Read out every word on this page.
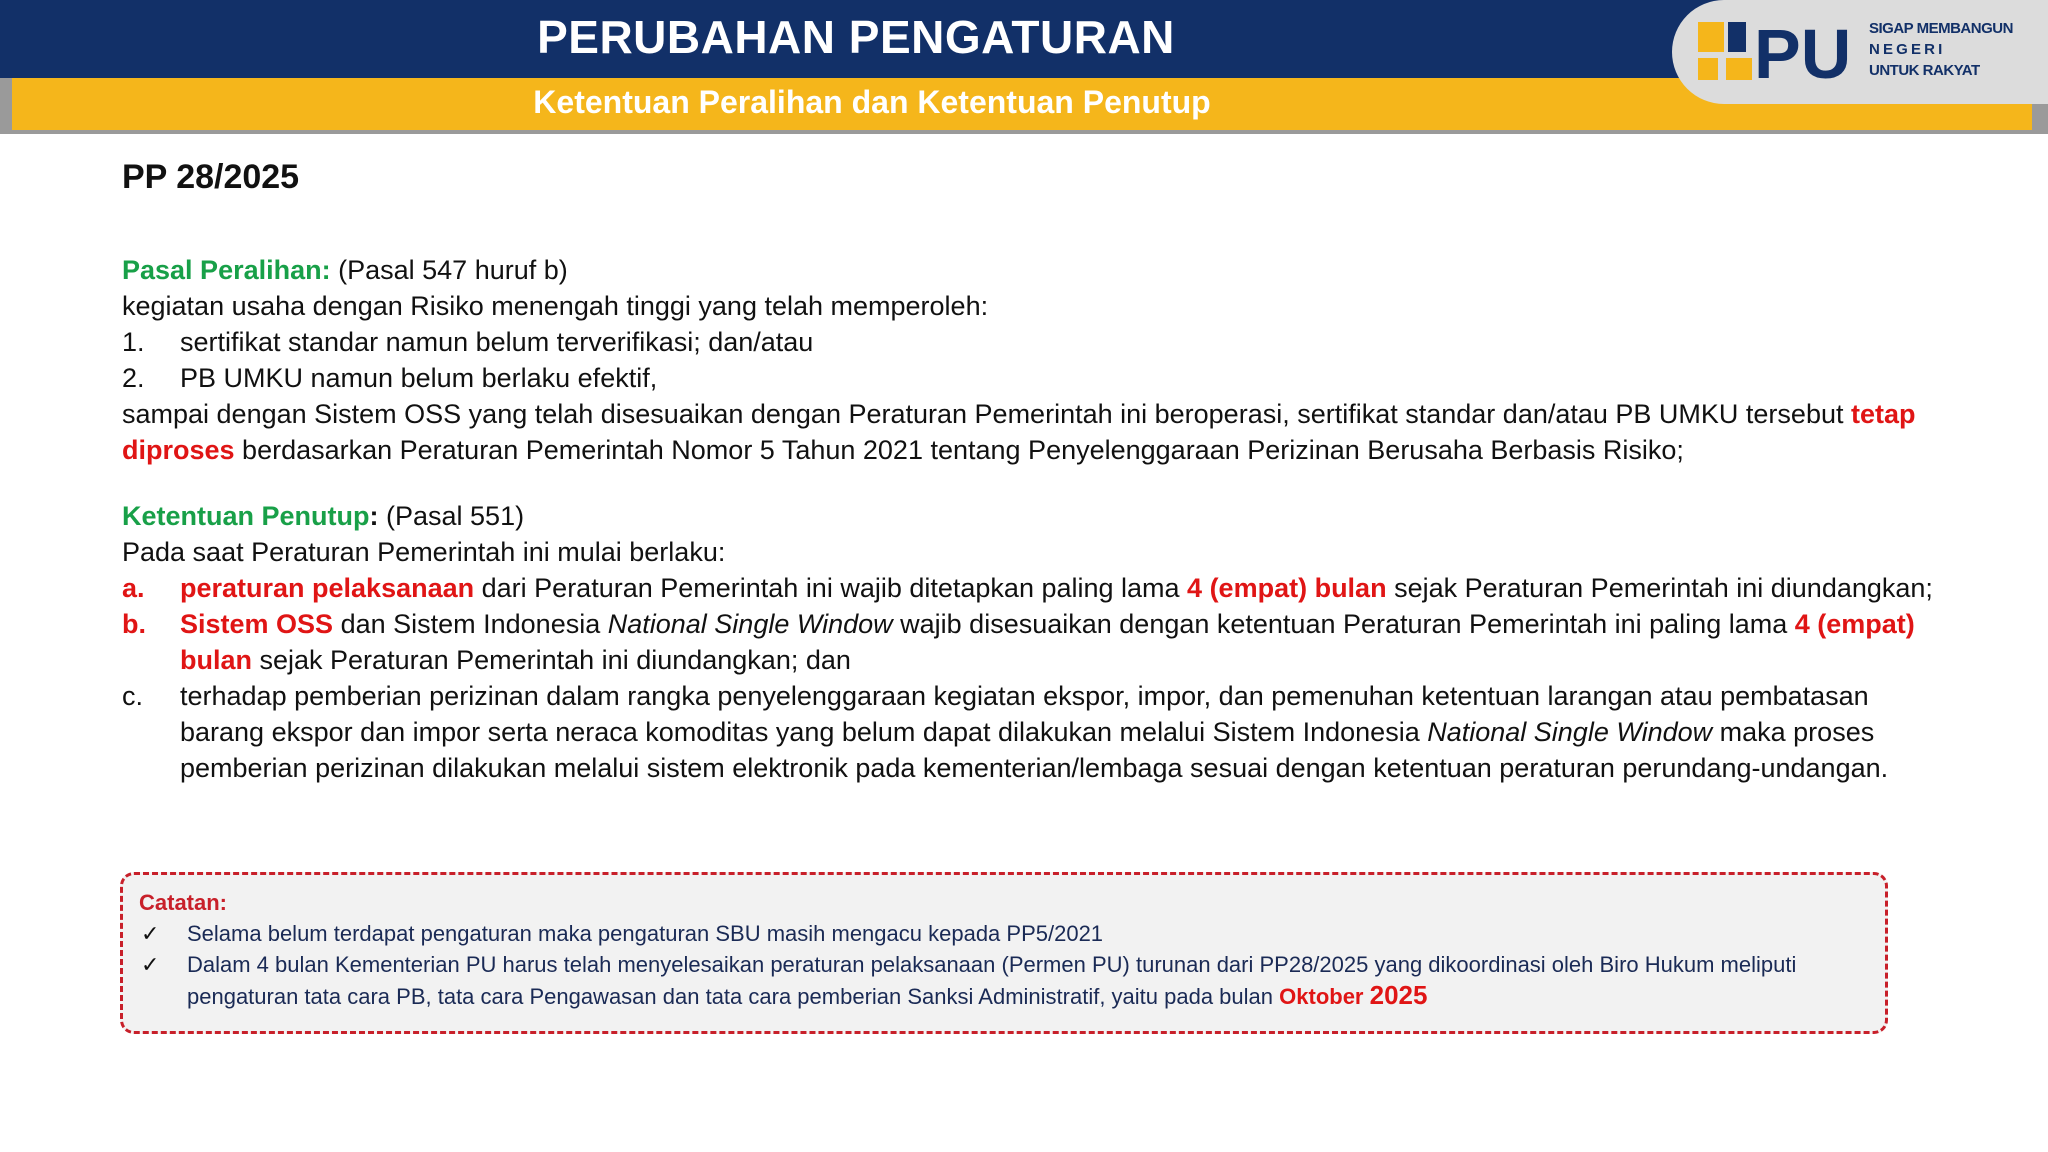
PERUBAHAN PENGATURAN
Ketentuan Peralihan dan Ketentuan Penutup
PU SIGAP MEMBANGUN
N E G E R I
UNTUK RAKYAT
PP 28/2025

Pasal Peralihan: (Pasal 547 huruf b)

kegiatan usaha dengan Risiko menengah tinggi yang telah memperoleh:

1. sertifikat standar namun belum terverifikasi; dan/atau
2. PB UMKU namun belum berlaku efektif,

sampai dengan Sistem OSS yang telah disesuaikan dengan Peraturan Pemerintah ini beroperasi, sertifikat standar dan/atau PB UMKU tersebut tetap diproses berdasarkan Peraturan Pemerintah Nomor 5 Tahun 2021 tentang Penyelenggaraan Perizinan Berusaha Berbasis Risiko;

Ketentuan Penutup: (Pasal 551)

Pada saat Peraturan Pemerintah ini mulai berlaku:

a. peraturan pelaksanaan dari Peraturan Pemerintah ini wajib ditetapkan paling lama 4 (empat) bulan sejak Peraturan Pemerintah ini diundangkan;
b. Sistem OSS dan Sistem Indonesia National Single Window wajib disesuaikan dengan ketentuan Peraturan Pemerintah ini paling lama 4 (empat) bulan sejak Peraturan Pemerintah ini diundangkan; dan
c. terhadap pemberian perizinan dalam rangka penyelenggaraan kegiatan ekspor, impor, dan pemenuhan ketentuan larangan atau pembatasan barang ekspor dan impor serta neraca komoditas yang belum dapat dilakukan melalui Sistem Indonesia National Single Window maka proses pemberian perizinan dilakukan melalui sistem elektronik pada kementerian/lembaga sesuai dengan ketentuan peraturan perundang-undangan.
Catatan:
✓ Selama belum terdapat pengaturan maka pengaturan SBU masih mengacu kepada PP5/2021
✓ Dalam 4 bulan Kementerian PU harus telah menyelesaikan peraturan pelaksanaan (Permen PU) turunan dari PP28/2025 yang dikoordinasi oleh Biro Hukum meliputi pengaturan tata cara PB, tata cara Pengawasan dan tata cara pemberian Sanksi Administratif, yaitu pada bulan Oktober 2025
